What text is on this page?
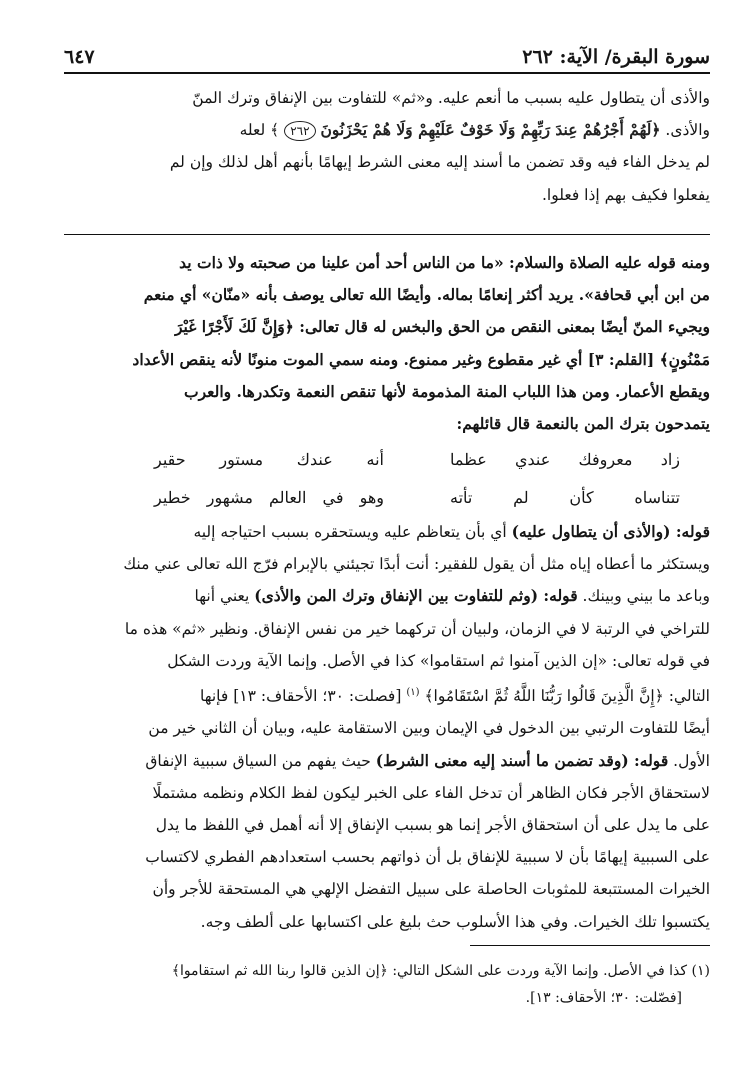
سورة البقرة/ الآية: ٢٦٢
٦٤٧

والأذى أن يتطاول عليه بسبب ما أنعم عليه. و«ثم» للتفاوت بين الإنفاق وترك المنّ

والأذى. ﴿لَهُمْ أَجْرُهُمْ عِندَ رَبِّهِمْ وَلَا خَوْفٌ عَلَيْهِمْ وَلَا هُمْ يَحْزَنُونَ ٢٦٢ ﴾ لعله

لم يدخل الفاء فيه وقد تضمن ما أسند إليه معنى الشرط إيهامًا بأنهم أهل لذلك وإن لم

يفعلوا فكيف بهم إذا فعلوا.

ومنه قوله عليه الصلاة والسلام: «ما من الناس أحد أمن علينا من صحبته ولا ذات يد

من ابن أبي قحافة». يريد أكثر إنعامًا بماله. وأيضًا الله تعالى يوصف بأنه «منّان» أي منعم

ويجيء المنّ أيضًا بمعنى النقص من الحق والبخس له قال تعالى: ﴿وَإِنَّ لَكَ لَأَجْرًا غَيْرَ

مَمْنُونٍ﴾ [القلم: ٣] أي غير مقطوع وغير ممنوع. ومنه سمي الموت منونًا لأنه ينقص الأعداد

ويقطع الأعمار. ومن هذا اللباب المنة المذمومة لأنها تنقص النعمة وتكدرها. والعرب

يتمدحون بترك المن بالنعمة قال قائلهم:

زاد معروفك عندي عظما
أنه عندك مستور حقير
تتناساه كأن لم تأته
وهو في العالم مشهور خطير

قوله: (والأذى أن يتطاول عليه) أي بأن يتعاظم عليه ويستحقره بسبب احتياجه إليه

ويستكثر ما أعطاه إياه مثل أن يقول للفقير: أنت أبدًا تجيئني بالإبرام فرّج الله تعالى عني منك

وباعد ما بيني وبينك. قوله: (وثم للتفاوت بين الإنفاق وترك المن والأذى) يعني أنها

للتراخي في الرتبة لا في الزمان، ولبيان أن تركهما خير من نفس الإنفاق. ونظير «ثم» هذه ما

في قوله تعالى: «إن الذين آمنوا ثم استقاموا» كذا في الأصل. وإنما الآية وردت الشكل

التالي: ﴿إِنَّ الَّذِينَ قَالُوا رَبُّنَا اللَّهُ ثُمَّ اسْتَقَامُوا﴾ $^{(١)}$ [فصلت: ٣٠؛ الأحقاف: ١٣] فإنها

أيضًا للتفاوت الرتبي بين الدخول في الإيمان وبين الاستقامة عليه، وبيان أن الثاني خير من

الأول. قوله: (وقد تضمن ما أسند إليه معنى الشرط) حيث يفهم من السياق سببية الإنفاق

لاستحقاق الأجر فكان الظاهر أن تدخل الفاء على الخبر ليكون لفظ الكلام ونظمه مشتملًا

على ما يدل على أن استحقاق الأجر إنما هو بسبب الإنفاق إلا أنه أهمل في اللفظ ما يدل

على السببية إيهامًا بأن لا سببية للإنفاق بل أن ذواتهم بحسب استعدادهم الفطري لاكتساب

الخيرات المستتبعة للمثوبات الحاصلة على سبيل التفضل الإلهي هي المستحقة للأجر وأن

يكتسبوا تلك الخيرات. وفي هذا الأسلوب حث بليغ على اكتسابها على ألطف وجه.

(١) كذا في الأصل. وإنما الآية وردت على الشكل التالي: ﴿إن الذين قالوا ربنا الله ثم استقاموا﴾

[فصّلت: ٣٠؛ الأحقاف: ١٣].
